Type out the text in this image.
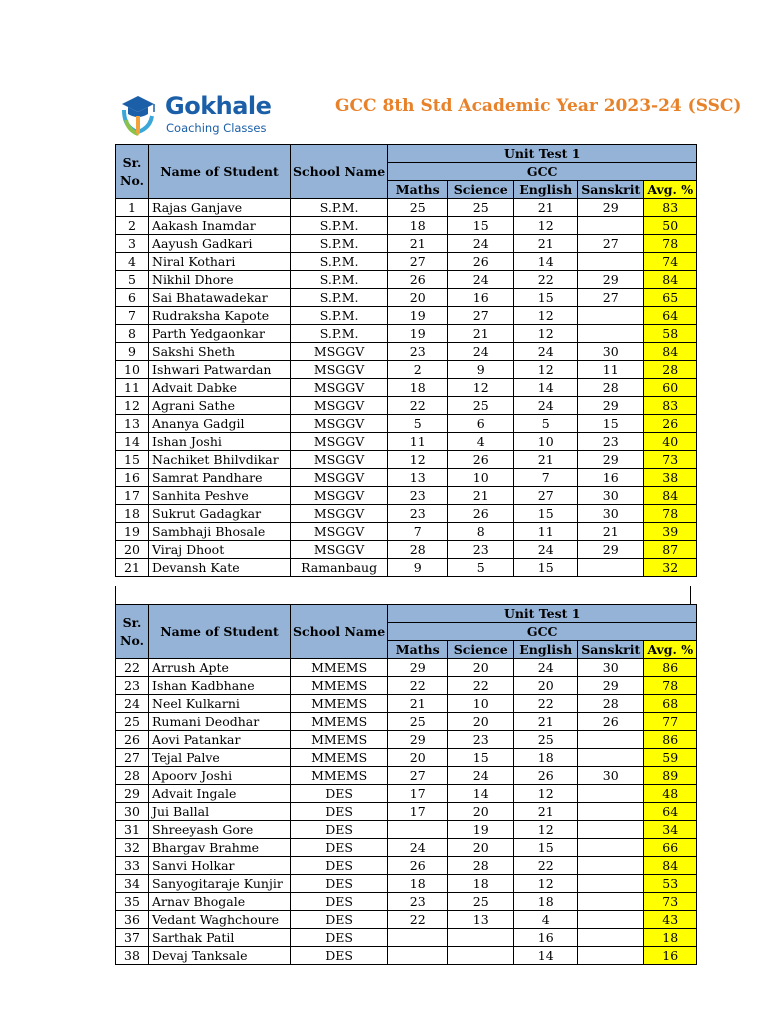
Gokhale
Coaching Classes
GCC 8th Std Academic Year 2023-24 (SSC)
Sr. No.	Name of Student	School Name	Unit Test 1				
			GCC				
			Maths	Science	English	Sanskrit	Avg. %
1	Rajas Ganjave	S.P.M.	25	25	21	29	83
2	Aakash Inamdar	S.P.M.	18	15	12		50
3	Aayush Gadkari	S.P.M.	21	24	21	27	78
4	Niral Kothari	S.P.M.	27	26	14		74
5	Nikhil Dhore	S.P.M.	26	24	22	29	84
6	Sai Bhatawadekar	S.P.M.	20	16	15	27	65
7	Rudraksha Kapote	S.P.M.	19	27	12		64
8	Parth Yedgaonkar	S.P.M.	19	21	12		58
9	Sakshi Sheth	MSGGV	23	24	24	30	84
10	Ishwari Patwardan	MSGGV	2	9	12	11	28
11	Advait Dabke	MSGGV	18	12	14	28	60
12	Agrani Sathe	MSGGV	22	25	24	29	83
13	Ananya Gadgil	MSGGV	5	6	5	15	26
14	Ishan Joshi	MSGGV	11	4	10	23	40
15	Nachiket Bhilvdikar	MSGGV	12	26	21	29	73
16	Samrat Pandhare	MSGGV	13	10	7	16	38
17	Sanhita Peshve	MSGGV	23	21	27	30	84
18	Sukrut Gadagkar	MSGGV	23	26	15	30	78
19	Sambhaji Bhosale	MSGGV	7	8	11	21	39
20	Viraj Dhoot	MSGGV	28	23	24	29	87
21	Devansh Kate	Ramanbaug	9	5	15		32
Sr. No.	Name of Student	School Name	Unit Test 1				
			GCC				
			Maths	Science	English	Sanskrit	Avg. %
22	Arrush Apte	MMEMS	29	20	24	30	86
23	Ishan Kadbhane	MMEMS	22	22	20	29	78
24	Neel Kulkarni	MMEMS	21	10	22	28	68
25	Rumani Deodhar	MMEMS	25	20	21	26	77
26	Aovi Patankar	MMEMS	29	23	25		86
27	Tejal Palve	MMEMS	20	15	18		59
28	Apoorv Joshi	MMEMS	27	24	26	30	89
29	Advait Ingale	DES	17	14	12		48
30	Jui Ballal	DES	17	20	21		64
31	Shreeyash Gore	DES		19	12		34
32	Bhargav Brahme	DES	24	20	15		66
33	Sanvi Holkar	DES	26	28	22		84
34	Sanyogitaraje Kunjir	DES	18	18	12		53
35	Arnav Bhogale	DES	23	25	18		73
36	Vedant Waghchoure	DES	22	13	4		43
37	Sarthak Patil	DES			16		18
38	Devaj Tanksale	DES			14		16
